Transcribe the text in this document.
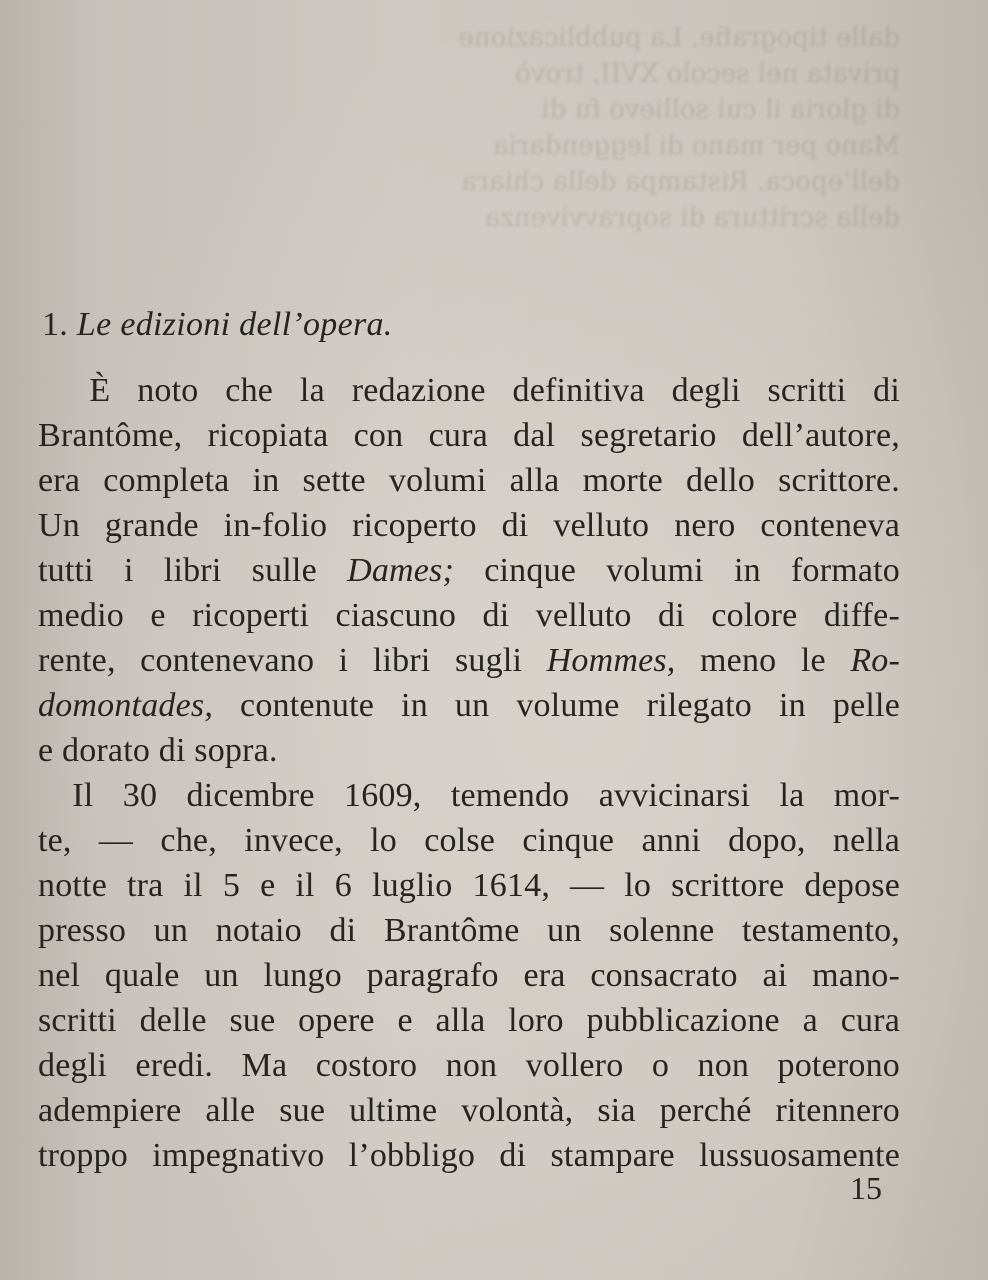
dalle tipografie. La pubblicazione
privata nel secolo XVII, trovò
di gloria il cui sollievo fu di
Mano per mano di leggendaria
dell’epoca. Ristampa della chiara
della scrittura di sopravvivenza
1. Le edizioni dell’opera.
  È noto che la redazione definitiva degli scritti di
Brantôme, ricopiata con cura dal segretario dell’autore,
era completa in sette volumi alla morte dello scrittore.
Un grande in-folio ricoperto di velluto nero conteneva
tutti i libri sulle Dames; cinque volumi in formato
medio e ricoperti ciascuno di velluto di colore diffe-
rente, contenevano i libri sugli Hommes, meno le Ro-
domontades, contenute in un volume rilegato in pelle
e dorato di sopra.
 Il 30 dicembre 1609, temendo avvicinarsi la mor-
te, — che, invece, lo colse cinque anni dopo, nella
notte tra il 5 e il 6 luglio 1614, — lo scrittore depose
presso un notaio di Brantôme un solenne testamento,
nel quale un lungo paragrafo era consacrato ai mano-
scritti delle sue opere e alla loro pubblicazione a cura
degli eredi. Ma costoro non vollero o non poterono
adempiere alle sue ultime volontà, sia perché ritennero
troppo impegnativo l’obbligo di stampare lussuosamente
15
